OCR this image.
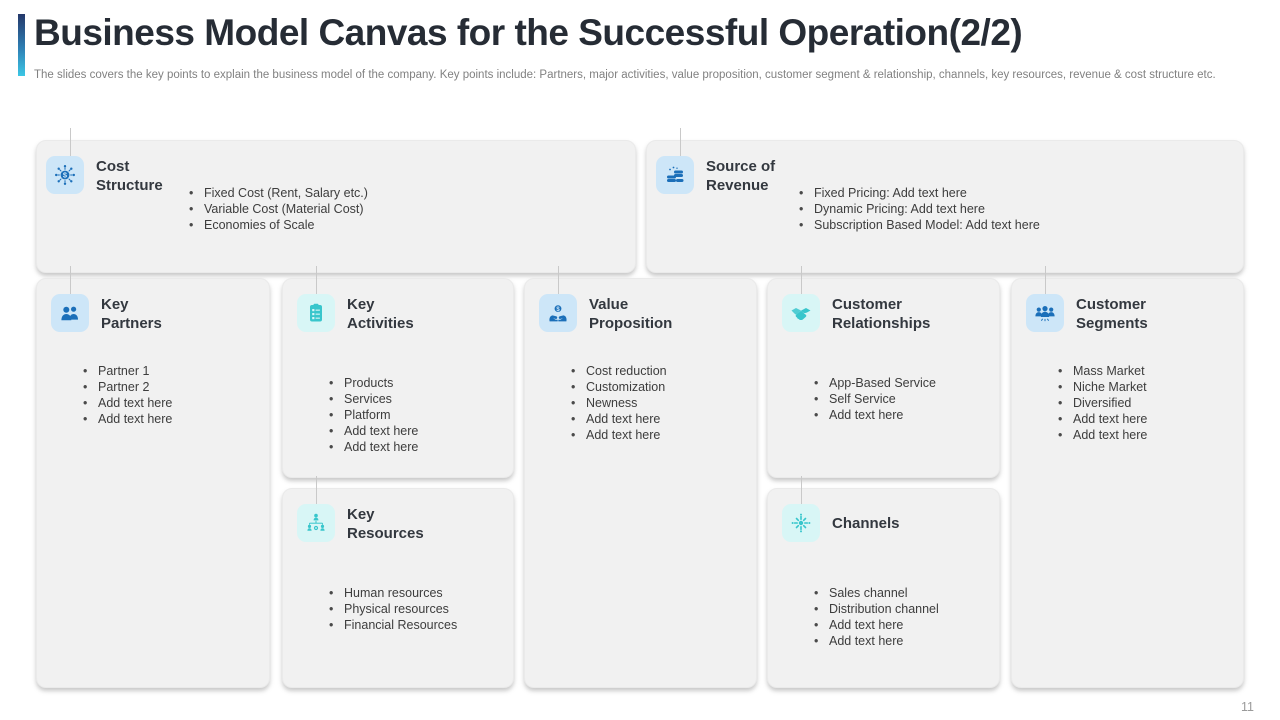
Business Model Canvas for the Successful Operation(2/2)
The slides covers the key points to explain the business model of the company. Key points include: Partners, major activities, value proposition, customer segment & relationship, channels, key resources, revenue & cost structure etc.
$
Cost
Structure	• Fixed Cost (Rent, Salary etc.)
• Variable Cost (Material Cost)
• Economies of Scale
Source of
Revenue	• Fixed Pricing: Add text here
• Dynamic Pricing: Add text here
• Subscription Based Model: Add text here
Key
Partners
• Partner 1
• Partner 2
• Add text here
• Add text here
Key
Activities
• Products
• Services
• Platform
• Add text here
• Add text here
Key
Resources
• Human resources
• Physical resources
• Financial Resources
$ Value
Proposition
• Cost reduction
• Customization
• Newness
• Add text here
• Add text here
Customer
Relationships
• App-Based Service
• Self Service
• Add text here
Channels
• Sales channel
• Distribution channel
• Add text here
• Add text here
Customer
Segments
• Mass Market
• Niche Market
• Diversified
• Add text here
• Add text here
11
